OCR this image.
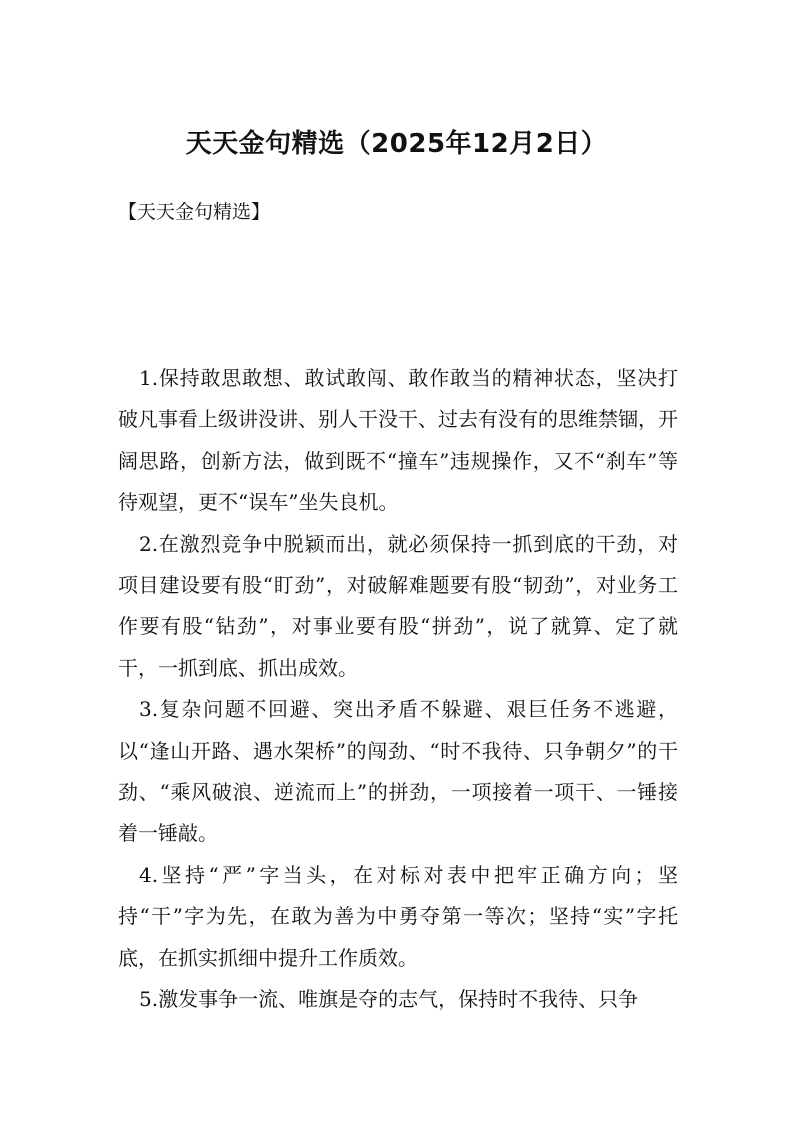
天天金句精选（2025年12月2日）
【天天金句精选】

1.保持敢思敢想、敢试敢闯、敢作敢当的精神状态，坚决打破凡事看上级讲没讲、别人干没干、过去有没有的思维禁锢，开阔思路，创新方法，做到既不“撞车”违规操作，又不“刹车”等待观望，更不“误车”坐失良机。

2.在激烈竞争中脱颖而出，就必须保持一抓到底的干劲，对项目建设要有股“盯劲”，对破解难题要有股“韧劲”，对业务工作要有股“钻劲”，对事业要有股“拼劲”，说了就算、定了就干，一抓到底、抓出成效。

3.复杂问题不回避、突出矛盾不躲避、艰巨任务不逃避，以“逢山开路、遇水架桥”的闯劲、“时不我待、只争朝夕”的干劲、“乘风破浪、逆流而上”的拼劲，一项接着一项干、一锤接着一锤敲。

4.坚持“严”字当头，在对标对表中把牢正确方向；坚持“干”字为先，在敢为善为中勇夺第一等次；坚持“实”字托底，在抓实抓细中提升工作质效。

5.激发事争一流、唯旗是夺的志气，保持时不我待、只争
